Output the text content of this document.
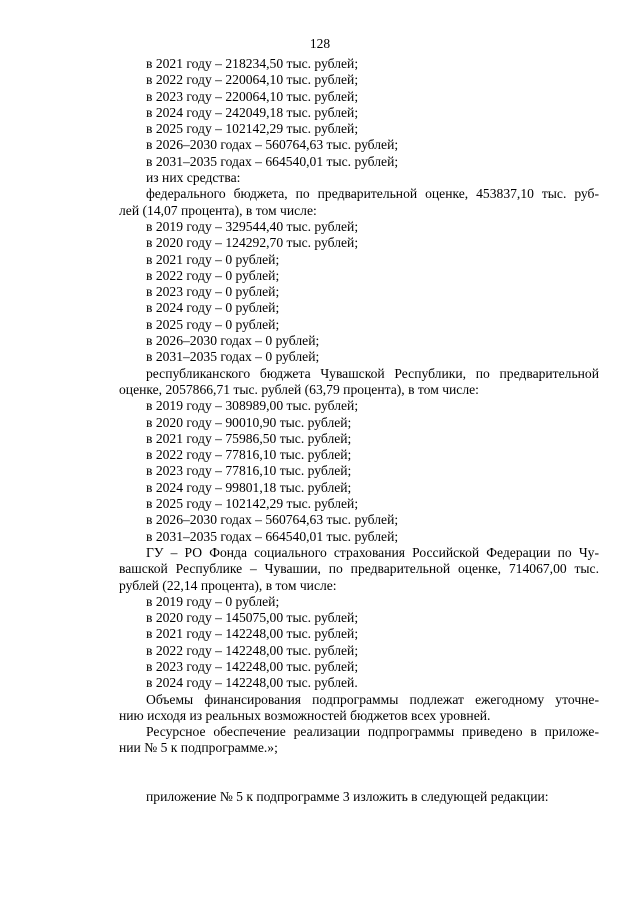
128
в 2021 году – 218234,50 тыс. рублей;
в 2022 году – 220064,10 тыс. рублей;
в 2023 году – 220064,10 тыс. рублей;
в 2024 году – 242049,18 тыс. рублей;
в 2025 году – 102142,29 тыс. рублей;
в 2026–2030 годах – 560764,63 тыс. рублей;
в 2031–2035 годах – 664540,01 тыс. рублей;
из них средства:
федерального бюджета, по предварительной оценке, 453837,10 тыс. руб-
лей (14,07 процента), в том числе:
в 2019 году – 329544,40 тыс. рублей;
в 2020 году – 124292,70 тыс. рублей;
в 2021 году – 0 рублей;
в 2022 году – 0 рублей;
в 2023 году – 0 рублей;
в 2024 году – 0 рублей;
в 2025 году – 0 рублей;
в 2026–2030 годах – 0 рублей;
в 2031–2035 годах – 0 рублей;
республиканского бюджета Чувашской Республики, по предварительной
оценке, 2057866,71 тыс. рублей (63,79 процента), в том числе:
в 2019 году – 308989,00 тыс. рублей;
в 2020 году – 90010,90 тыс. рублей;
в 2021 году – 75986,50 тыс. рублей;
в 2022 году – 77816,10 тыс. рублей;
в 2023 году – 77816,10 тыс. рублей;
в 2024 году – 99801,18 тыс. рублей;
в 2025 году – 102142,29 тыс. рублей;
в 2026–2030 годах – 560764,63 тыс. рублей;
в 2031–2035 годах – 664540,01 тыс. рублей;
ГУ – РО Фонда социального страхования Российской Федерации по Чу-
вашской Республике – Чувашии, по предварительной оценке, 714067,00 тыс.
рублей (22,14 процента), в том числе:
в 2019 году – 0 рублей;
в 2020 году – 145075,00 тыс. рублей;
в 2021 году – 142248,00 тыс. рублей;
в 2022 году – 142248,00 тыс. рублей;
в 2023 году – 142248,00 тыс. рублей;
в 2024 году – 142248,00 тыс. рублей.
Объемы финансирования подпрограммы подлежат ежегодному уточне-
нию исходя из реальных возможностей бюджетов всех уровней.
Ресурсное обеспечение реализации подпрограммы приведено в приложе-
нии № 5 к подпрограмме.»;
приложение № 5 к подпрограмме 3 изложить в следующей редакции:
